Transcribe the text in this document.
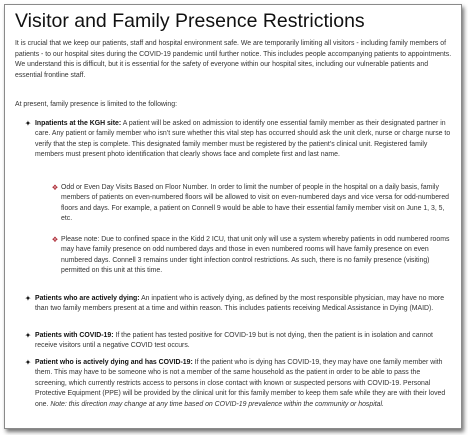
Visitor and Family Presence Restrictions

It is crucial that we keep our patients, staff and hospital environment safe. We are temporarily limiting all visitors - including family members of patients - to our hospital sites during the COVID-19 pandemic until further notice. This includes people accompanying patients to appointments. We understand this is difficult, but it is essential for the safety of everyone within our hospital sites, including our vulnerable patients and essential frontline staff.

At present, family presence is limited to the following:

✦ Inpatients at the KGH site: A patient will be asked on admission to identify one essential family member as their designated partner in care. Any patient or family member who isn’t sure whether this vital step has occurred should ask the unit clerk, nurse or charge nurse to verify that the step is complete. This designated family member must be registered by the patient’s clinical unit. Registered family members must present photo identification that clearly shows face and complete first and last name.
❖ Odd or Even Day Visits Based on Floor Number. In order to limit the number of people in the hospital on a daily basis, family members of patients on even-numbered floors will be allowed to visit on even-numbered days and vice versa for odd-numbered floors and days. For example, a patient on Connell 9 would be able to have their essential family member visit on June 1, 3, 5, etc.
❖ Please note: Due to confined space in the Kidd 2 ICU, that unit only will use a system whereby patients in odd numbered rooms may have family presence on odd numbered days and those in even numbered rooms will have family presence on even numbered days. Connell 3 remains under tight infection control restrictions. As such, there is no family presence (visiting) permitted on this unit at this time.
✦ Patients who are actively dying: An inpatient who is actively dying, as defined by the most responsible physician, may have no more than two family members present at a time and within reason. This includes patients receiving Medical Assistance in Dying (MAID).
✦ Patients with COVID-19: If the patient has tested positive for COVID-19 but is not dying, then the patient is in isolation and cannot receive visitors until a negative COVID test occurs.
✦ Patient who is actively dying and has COVID-19: If the patient who is dying has COVID-19, they may have one family member with them. This may have to be someone who is not a member of the same household as the patient in order to be able to pass the screening, which currently restricts access to persons in close contact with known or suspected persons with COVID-19. Personal Protective Equipment (PPE) will be provided by the clinical unit for this family member to keep them safe while they are with their loved one. Note: this direction may change at any time based on COVID-19 prevalence within the community or hospital.
